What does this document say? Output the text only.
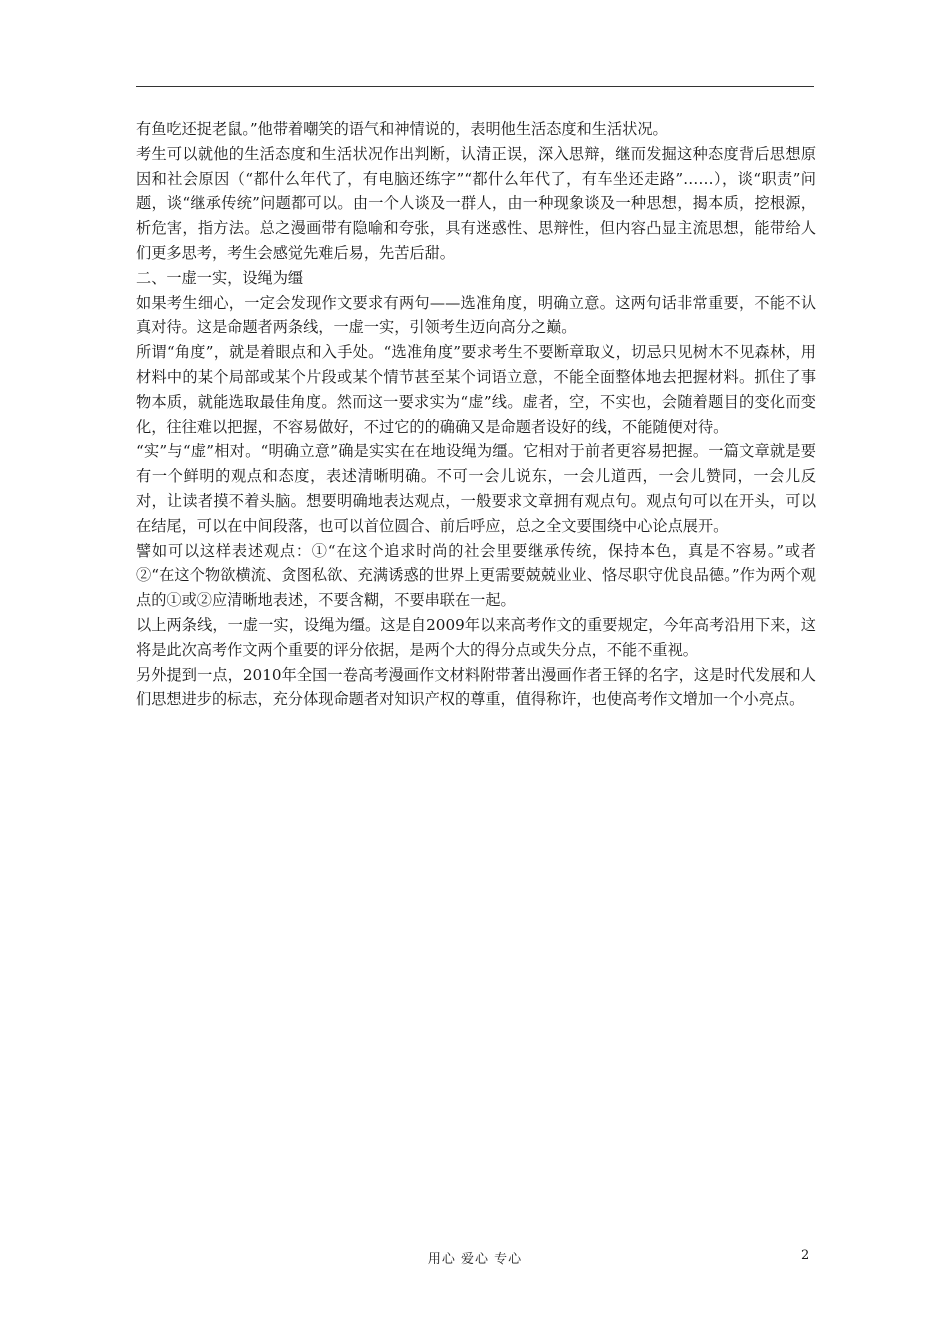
有鱼吃还捉老鼠。”他带着嘲笑的语气和神情说的，表明他生活态度和生活状况。

考生可以就他的生活态度和生活状况作出判断，认清正误，深入思辩，继而发掘这种态度背后思想原因和社会原因（“都什么年代了，有电脑还练字”“都什么年代了，有车坐还走路”……），谈“职责”问题，谈“继承传统”问题都可以。由一个人谈及一群人，由一种现象谈及一种思想，揭本质，挖根源，析危害，指方法。总之漫画带有隐喻和夸张，具有迷惑性、思辩性，但内容凸显主流思想，能带给人们更多思考，考生会感觉先难后易，先苦后甜。

二、一虚一实，设绳为缰

如果考生细心，一定会发现作文要求有两句——选准角度，明确立意。这两句话非常重要，不能不认真对待。这是命题者两条线，一虚一实，引领考生迈向高分之巅。

所谓“角度”，就是着眼点和入手处。“选准角度”要求考生不要断章取义，切忌只见树木不见森林，用材料中的某个局部或某个片段或某个情节甚至某个词语立意，不能全面整体地去把握材料。抓住了事物本质，就能选取最佳角度。然而这一要求实为“虚”线。虚者，空，不实也，会随着题目的变化而变化，往往难以把握，不容易做好，不过它的的确确又是命题者设好的线，不能随便对待。

“实”与“虚”相对。“明确立意”确是实实在在地设绳为缰。它相对于前者更容易把握。一篇文章就是要有一个鲜明的观点和态度，表述清晰明确。不可一会儿说东，一会儿道西，一会儿赞同，一会儿反对，让读者摸不着头脑。想要明确地表达观点，一般要求文章拥有观点句。观点句可以在开头，可以在结尾，可以在中间段落，也可以首位圆合、前后呼应，总之全文要围绕中心论点展开。

譬如可以这样表述观点：①“在这个追求时尚的社会里要继承传统，保持本色，真是不容易。”或者②“在这个物欲横流、贪图私欲、充满诱惑的世界上更需要兢兢业业、恪尽职守优良品德。”作为两个观点的①或②应清晰地表述，不要含糊，不要串联在一起。

以上两条线，一虚一实，设绳为缰。这是自2009年以来高考作文的重要规定，今年高考沿用下来，这将是此次高考作文两个重要的评分依据，是两个大的得分点或失分点，不能不重视。

另外提到一点，2010年全国一卷高考漫画作文材料附带著出漫画作者王铎的名字，这是时代发展和人们思想进步的标志，充分体现命题者对知识产权的尊重，值得称许，也使高考作文增加一个小亮点。

用心 爱心 专心	2
